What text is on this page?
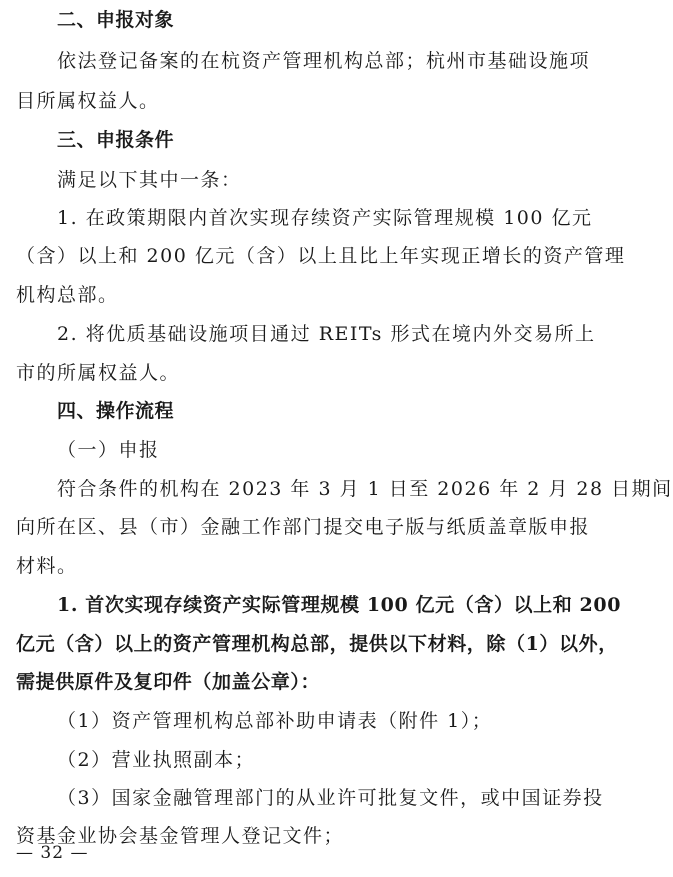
二、申报对象
依法登记备案的在杭资产管理机构总部；杭州市基础设施项
目所属权益人。
三、申报条件
满足以下其中一条：
1. 在政策期限内首次实现存续资产实际管理规模 100 亿元
（含）以上和 200 亿元（含）以上且比上年实现正增长的资产管理
机构总部。
2. 将优质基础设施项目通过 REITs 形式在境内外交易所上
市的所属权益人。
四、操作流程
（一）申报
符合条件的机构在 2023 年 3 月 1 日至 2026 年 2 月 28 日期间
向所在区、县（市）金融工作部门提交电子版与纸质盖章版申报
材料。
1. 首次实现存续资产实际管理规模 100 亿元（含）以上和 200
亿元（含）以上的资产管理机构总部，提供以下材料，除（1）以外，
需提供原件及复印件（加盖公章）：
（1）资产管理机构总部补助申请表（附件 1）；
（2）营业执照副本；
（3）国家金融管理部门的从业许可批复文件，或中国证券投
资基金业协会基金管理人登记文件；
— 32 —
